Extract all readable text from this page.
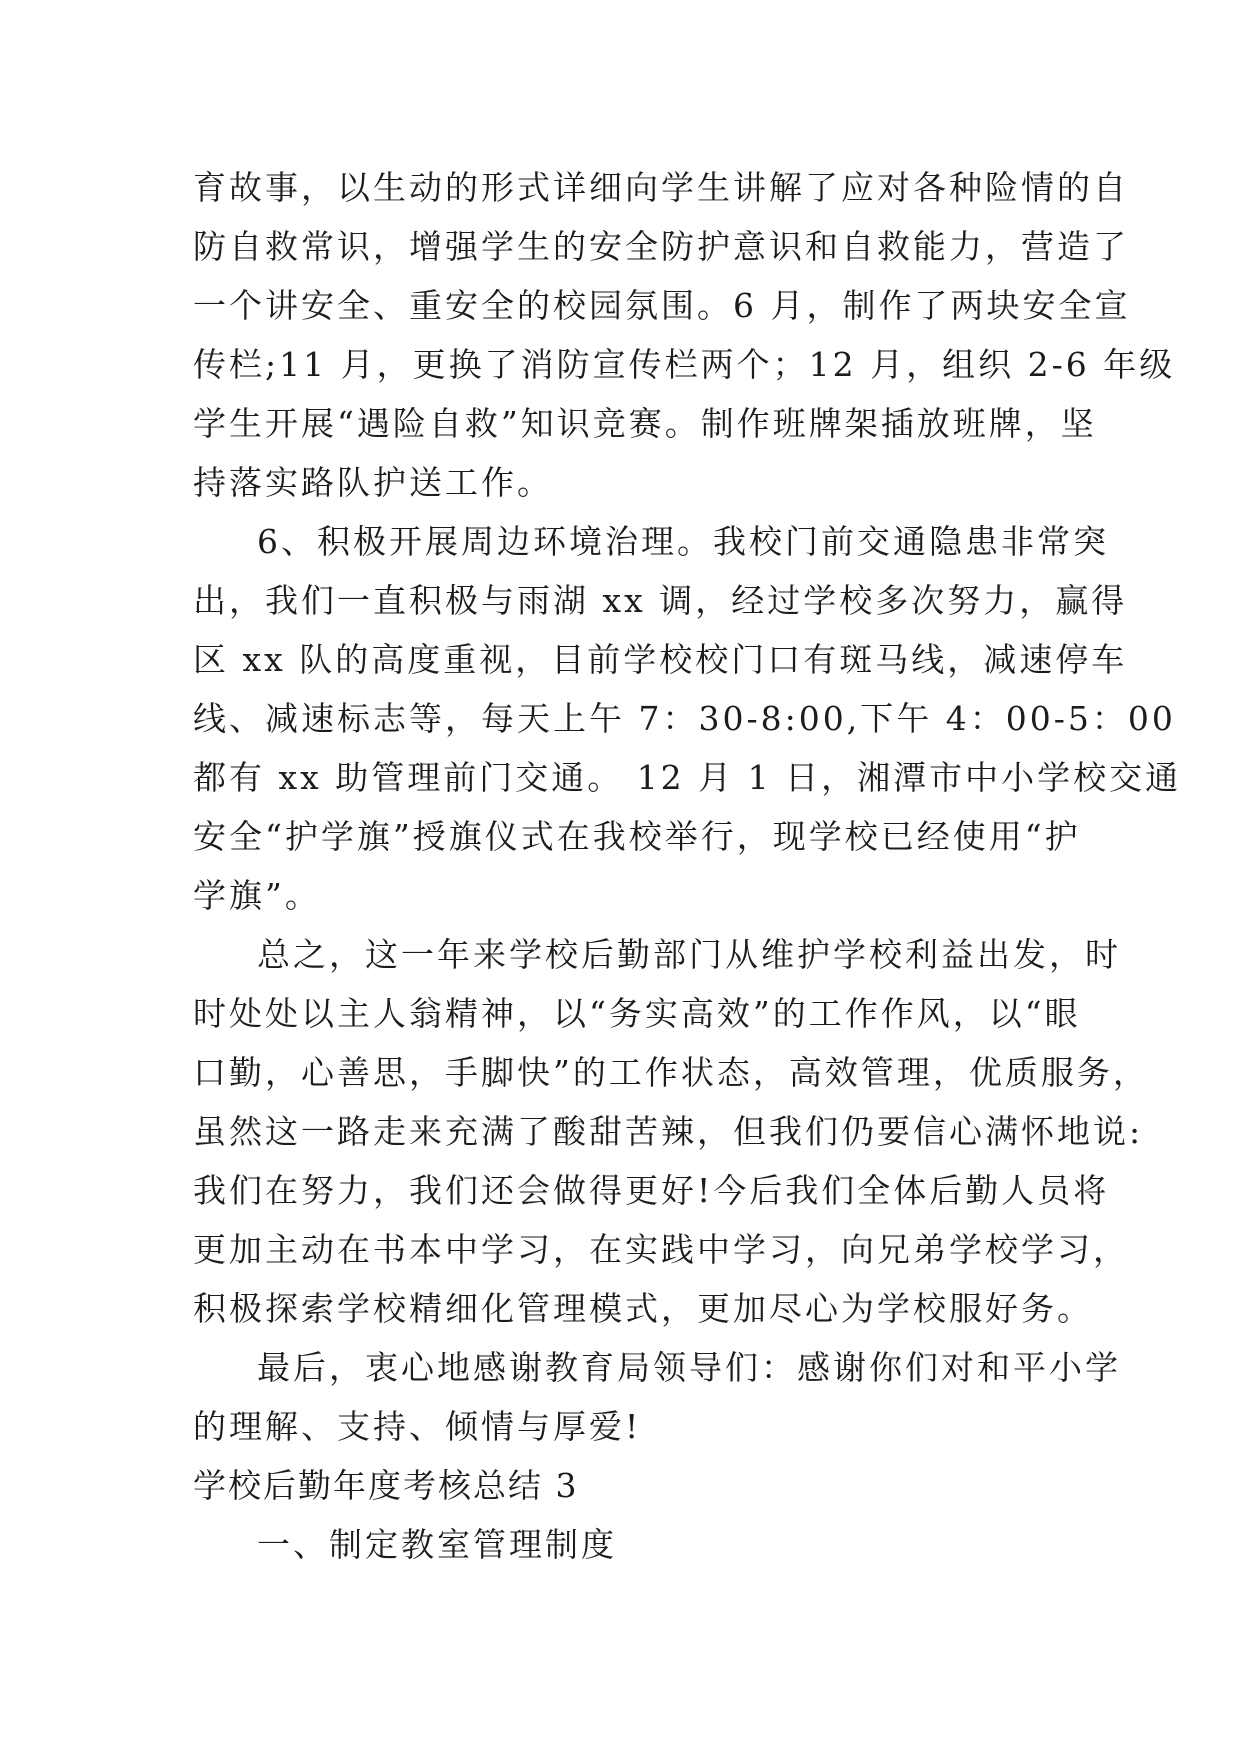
育故事，以生动的形式详细向学生讲解了应对各种险情的自
防自救常识，增强学生的安全防护意识和自救能力，营造了
一个讲安全、重安全的校园氛围。6 月，制作了两块安全宣
传栏;11 月，更换了消防宣传栏两个；12 月，组织 2-6 年级
学生开展“遇险自救”知识竞赛。制作班牌架插放班牌，坚
持落实路队护送工作。
6、积极开展周边环境治理。我校门前交通隐患非常突
出，我们一直积极与雨湖 xx 调，经过学校多次努力，赢得
区 xx 队的高度重视，目前学校校门口有斑马线，减速停车
线、减速标志等，每天上午 7：30-8:00,下午 4：00-5：00
都有 xx 助管理前门交通。 12 月 1 日，湘潭市中小学校交通
安全“护学旗”授旗仪式在我校举行，现学校已经使用“护
学旗”。
总之，这一年来学校后勤部门从维护学校利益出发，时
时处处以主人翁精神，以“务实高效”的工作作风，以“眼
口勤，心善思，手脚快”的工作状态，高效管理，优质服务，
虽然这一路走来充满了酸甜苦辣，但我们仍要信心满怀地说:
我们在努力，我们还会做得更好!今后我们全体后勤人员将
更加主动在书本中学习，在实践中学习，向兄弟学校学习，
积极探索学校精细化管理模式，更加尽心为学校服好务。
最后，衷心地感谢教育局领导们：感谢你们对和平小学
的理解、支持、倾情与厚爱!
学校后勤年度考核总结 3
一、制定教室管理制度
